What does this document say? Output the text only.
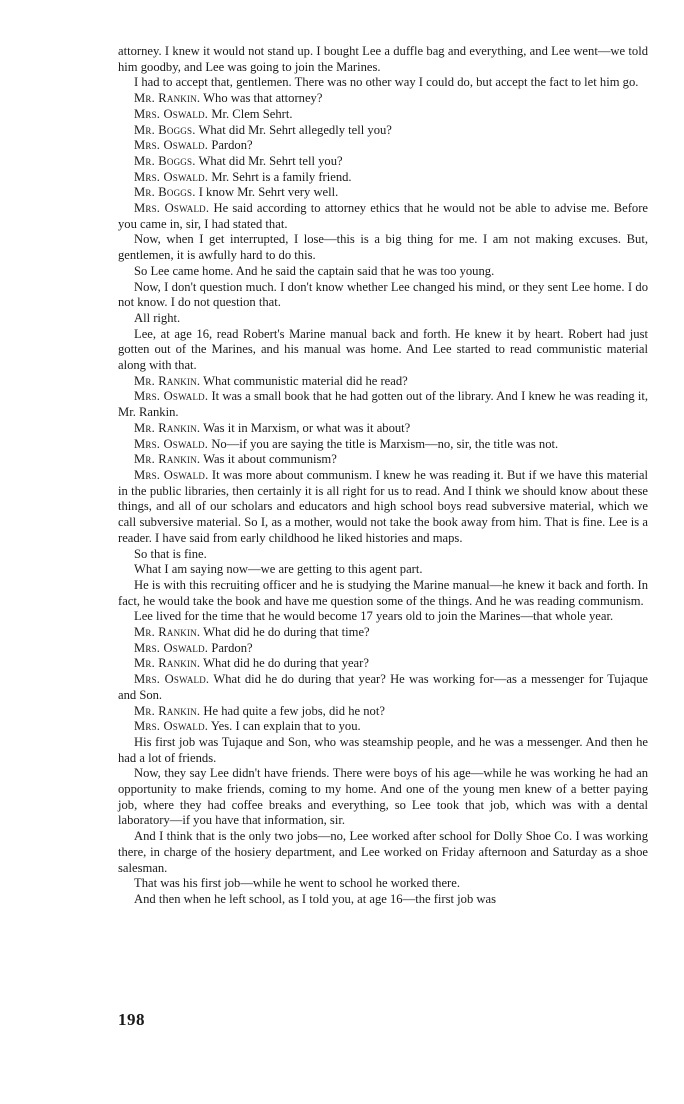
attorney. I knew it would not stand up. I bought Lee a duffle bag and everything, and Lee went—we told him goodby, and Lee was going to join the Marines.

I had to accept that, gentlemen. There was no other way I could do, but accept the fact to let him go.

Mr. Rankin. Who was that attorney?

Mrs. Oswald. Mr. Clem Sehrt.

Mr. Boggs. What did Mr. Sehrt allegedly tell you?

Mrs. Oswald. Pardon?

Mr. Boggs. What did Mr. Sehrt tell you?

Mrs. Oswald. Mr. Sehrt is a family friend.

Mr. Boggs. I know Mr. Sehrt very well.

Mrs. Oswald. He said according to attorney ethics that he would not be able to advise me. Before you came in, sir, I had stated that.

Now, when I get interrupted, I lose—this is a big thing for me. I am not making excuses. But, gentlemen, it is awfully hard to do this.

So Lee came home. And he said the captain said that he was too young.

Now, I don't question much. I don't know whether Lee changed his mind, or they sent Lee home. I do not know. I do not question that.

All right.

Lee, at age 16, read Robert's Marine manual back and forth. He knew it by heart. Robert had just gotten out of the Marines, and his manual was home. And Lee started to read communistic material along with that.

Mr. Rankin. What communistic material did he read?

Mrs. Oswald. It was a small book that he had gotten out of the library. And I knew he was reading it, Mr. Rankin.

Mr. Rankin. Was it in Marxism, or what was it about?

Mrs. Oswald. No—if you are saying the title is Marxism—no, sir, the title was not.

Mr. Rankin. Was it about communism?

Mrs. Oswald. It was more about communism. I knew he was reading it. But if we have this material in the public libraries, then certainly it is all right for us to read. And I think we should know about these things, and all of our scholars and educators and high school boys read subversive material, which we call subversive material. So I, as a mother, would not take the book away from him. That is fine. Lee is a reader. I have said from early childhood he liked histories and maps.

So that is fine.

What I am saying now—we are getting to this agent part.

He is with this recruiting officer and he is studying the Marine manual—he knew it back and forth. In fact, he would take the book and have me question some of the things. And he was reading communism.

Lee lived for the time that he would become 17 years old to join the Marines—that whole year.

Mr. Rankin. What did he do during that time?

Mrs. Oswald. Pardon?

Mr. Rankin. What did he do during that year?

Mrs. Oswald. What did he do during that year? He was working for—as a messenger for Tujaque and Son.

Mr. Rankin. He had quite a few jobs, did he not?

Mrs. Oswald. Yes. I can explain that to you.

His first job was Tujaque and Son, who was steamship people, and he was a messenger. And then he had a lot of friends.

Now, they say Lee didn't have friends. There were boys of his age—while he was working he had an opportunity to make friends, coming to my home. And one of the young men knew of a better paying job, where they had coffee breaks and everything, so Lee took that job, which was with a dental laboratory—if you have that information, sir.

And I think that is the only two jobs—no, Lee worked after school for Dolly Shoe Co. I was working there, in charge of the hosiery department, and Lee worked on Friday afternoon and Saturday as a shoe salesman.

That was his first job—while he went to school he worked there.

And then when he left school, as I told you, at age 16—the first job was

198
